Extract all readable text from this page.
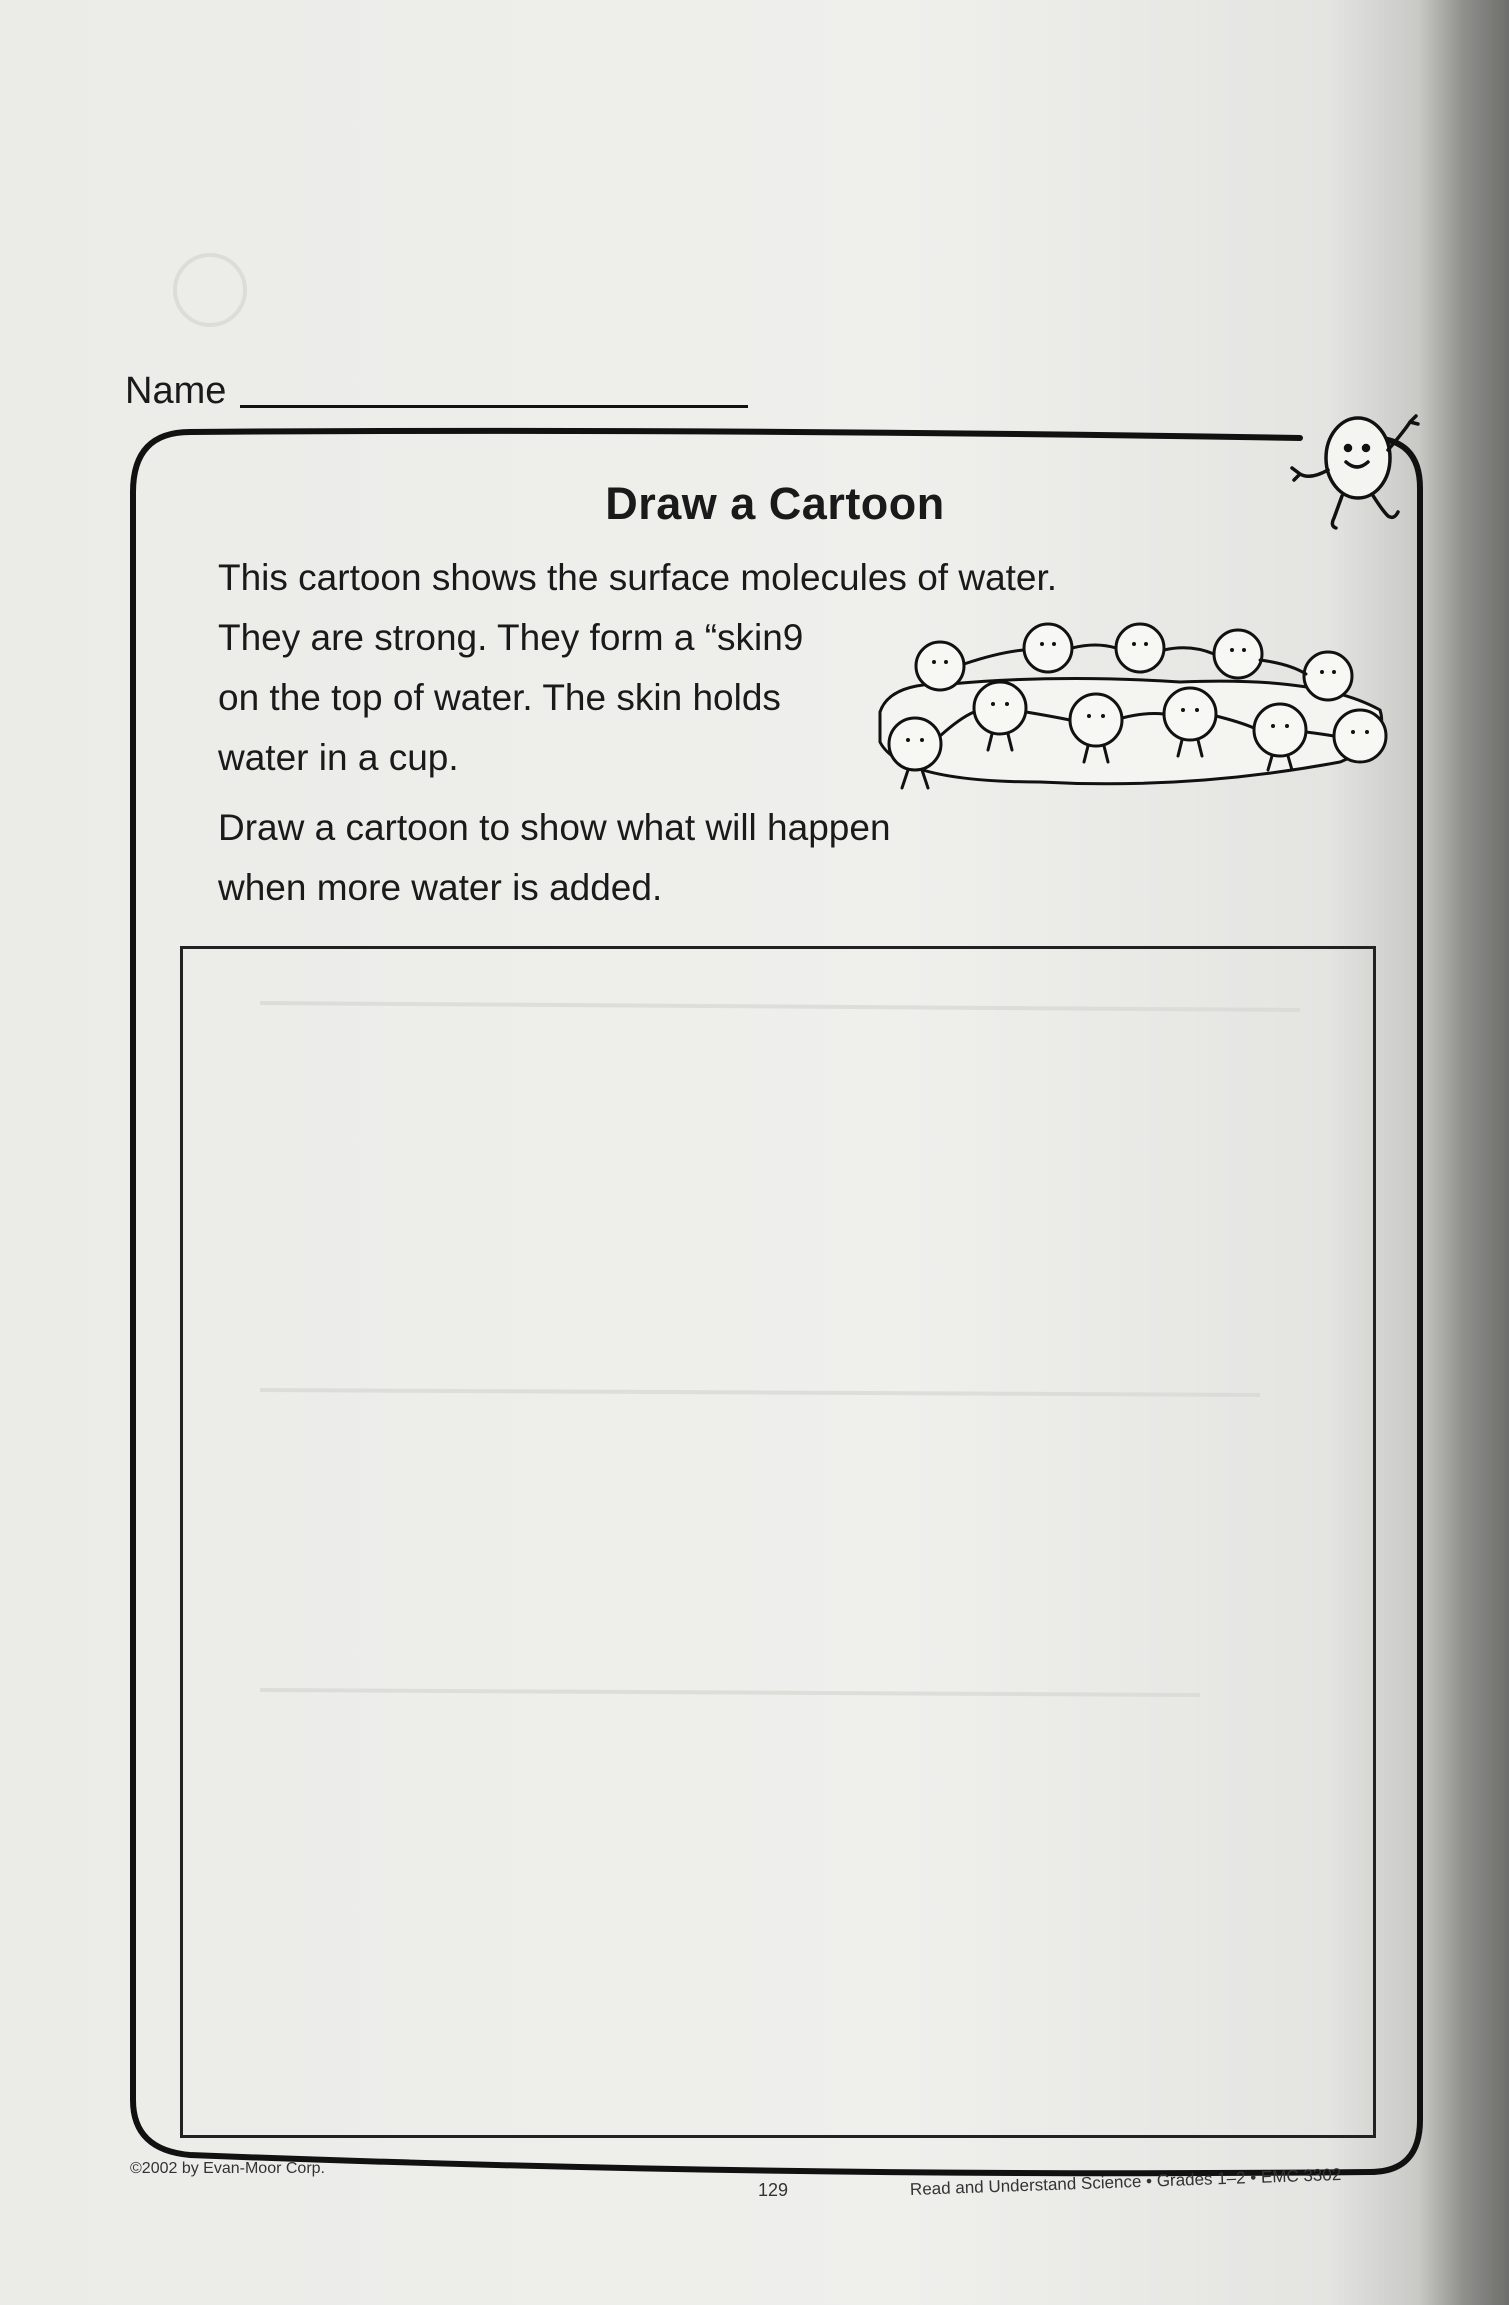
Name
Draw a Cartoon
This cartoon shows the surface molecules of water.
They are strong. They form a “skin9
on the top of water. The skin holds
water in a cup.
Draw a cartoon to show what will happen
when more water is added.
©2002 by Evan-Moor Corp.
129	Read and Understand Science • Grades 1–2 • EMC 3302
